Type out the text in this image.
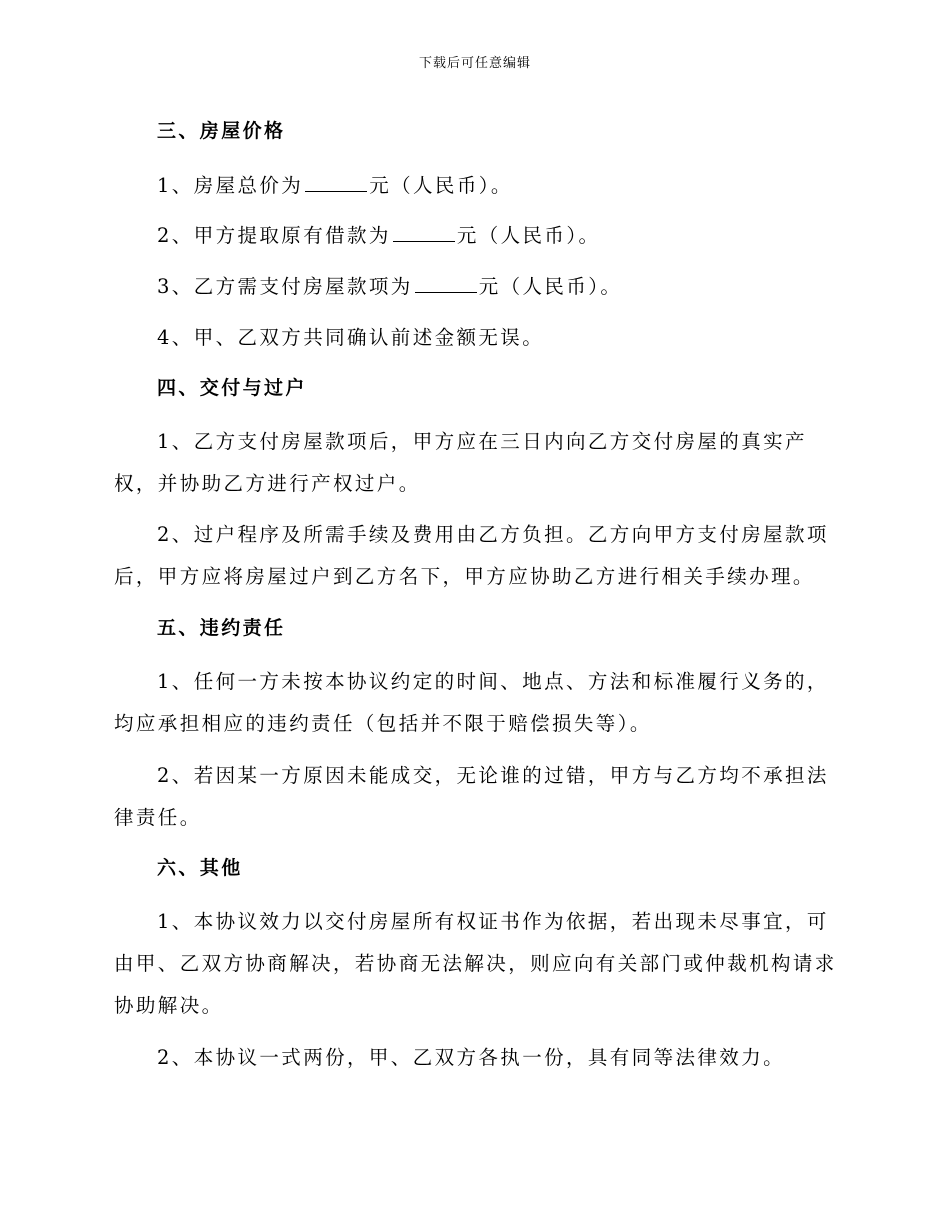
下载后可任意编辑
三、房屋价格
1、房屋总价为	元（人民币）。
2、甲方提取原有借款为	元（人民币）。
3、乙方需支付房屋款项为	元（人民币）。
4、甲、乙双方共同确认前述金额无误。
四、交付与过户
1、乙方支付房屋款项后，甲方应在三日内向乙方交付房屋的真实产
权，并协助乙方进行产权过户。
2、过户程序及所需手续及费用由乙方负担。乙方向甲方支付房屋款项
后，甲方应将房屋过户到乙方名下，甲方应协助乙方进行相关手续办理。
五、违约责任
1、任何一方未按本协议约定的时间、地点、方法和标准履行义务的，
均应承担相应的违约责任（包括并不限于赔偿损失等）。
2、若因某一方原因未能成交，无论谁的过错，甲方与乙方均不承担法
律责任。
六、其他
1、本协议效力以交付房屋所有权证书作为依据，若出现未尽事宜，可
由甲、乙双方协商解决，若协商无法解决，则应向有关部门或仲裁机构请求
协助解决。
2、本协议一式两份，甲、乙双方各执一份，具有同等法律效力。
